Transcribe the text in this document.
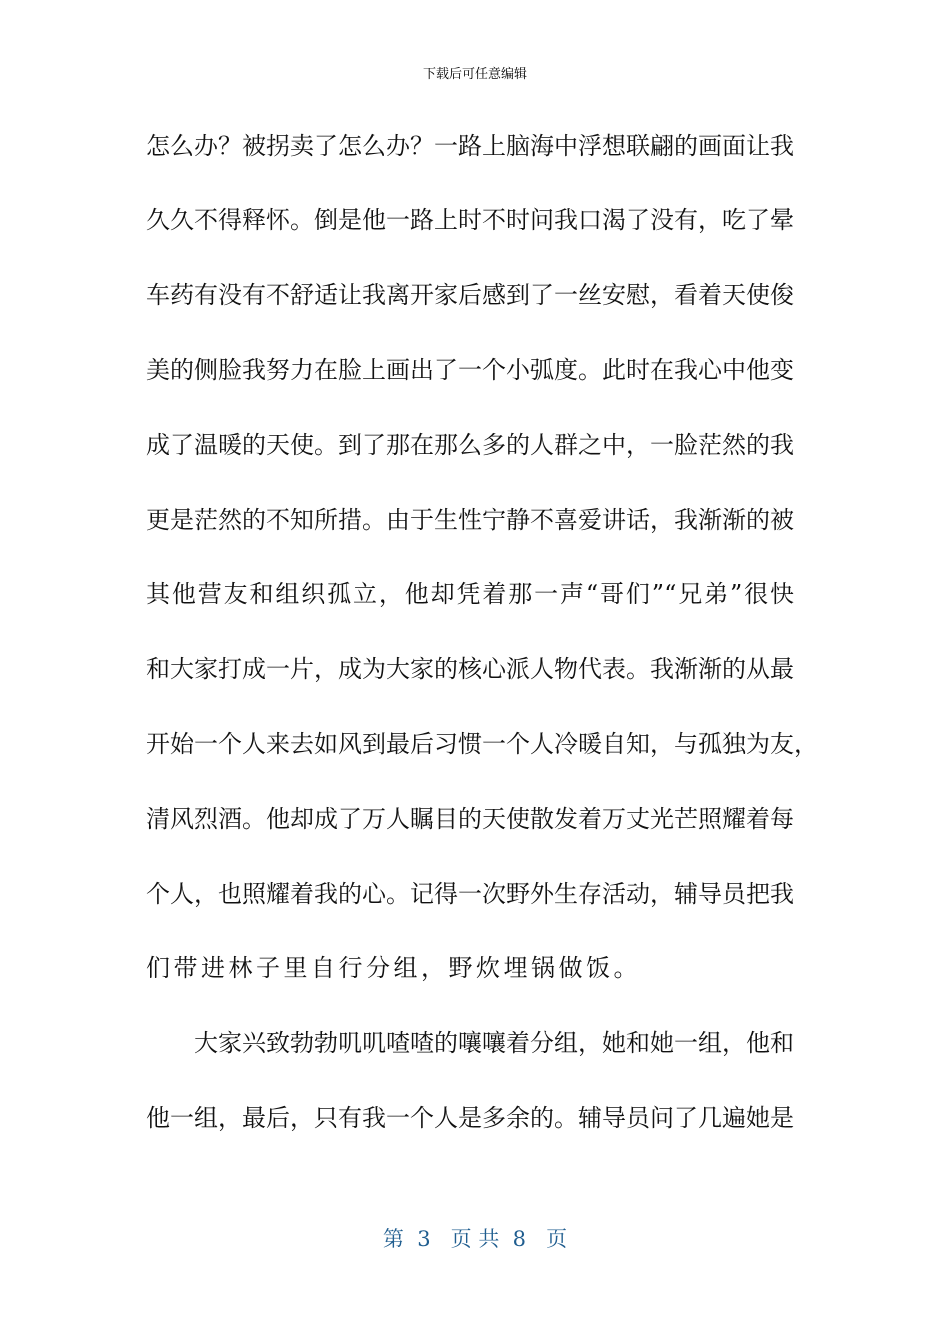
下载后可任意编辑
怎么办？被拐卖了怎么办？一路上脑海中浮想联翩的画面让我
久久不得释怀。倒是他一路上时不时问我口渴了没有，吃了晕
车药有没有不舒适让我离开家后感到了一丝安慰，看着天使俊
美的侧脸我努力在脸上画出了一个小弧度。此时在我心中他变
成了温暖的天使。到了那在那么多的人群之中，一脸茫然的我
更是茫然的不知所措。由于生性宁静不喜爱讲话，我渐渐的被
其他营友和组织孤立，他却凭着那一声“哥们”“兄弟”很快
和大家打成一片，成为大家的核心派人物代表。我渐渐的从最
开始一个人来去如风到最后习惯一个人冷暖自知，与孤独为友，
清风烈酒。他却成了万人瞩目的天使散发着万丈光芒照耀着每
个人，也照耀着我的心。记得一次野外生存活动，辅导员把我
们带进林子里自行分组，野炊埋锅做饭。
大家兴致勃勃叽叽喳喳的嚷嚷着分组，她和她一组，他和
他一组，最后，只有我一个人是多余的。辅导员问了几遍她是
第  3   页 共  8   页
